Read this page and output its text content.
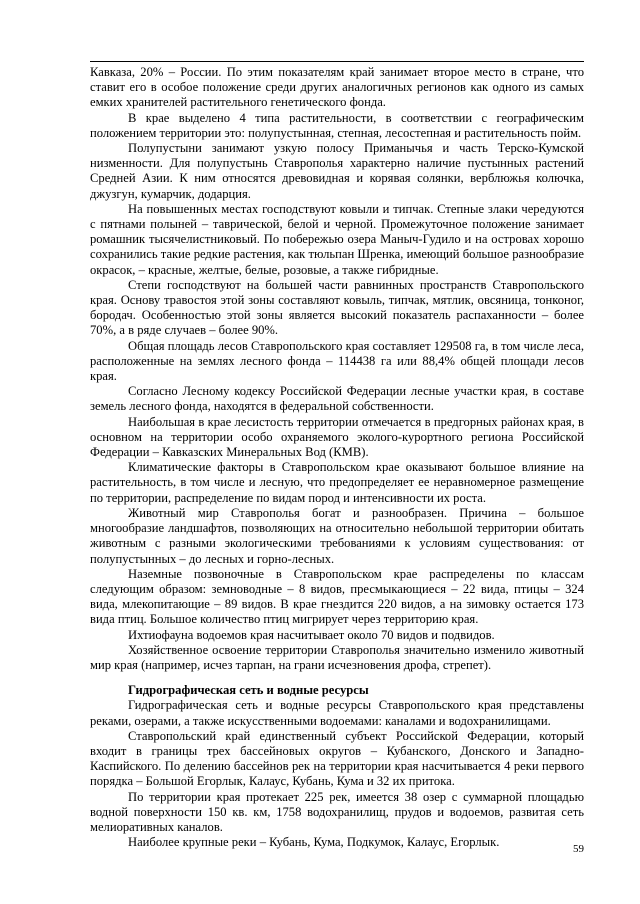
Кавказа, 20% – России. По этим показателям край занимает второе место в стране, что ставит его в особое положение среди других аналогичных регионов как одного из самых емких хранителей растительного генетического фонда.

В крае выделено 4 типа растительности, в соответствии с географическим положением территории это: полупустынная, степная, лесостепная и растительность пойм.

Полупустыни занимают узкую полосу Приманычья и часть Терско-Кумской низменности. Для полупустынь Ставрополья характерно наличие пустынных растений Средней Азии. К ним относятся древовидная и корявая солянки, верблюжья колючка, джузгун, кумарчик, додарция.

На повышенных местах господствуют ковыли и типчак. Степные злаки чередуются с пятнами полыней – таврической, белой и черной. Промежуточное положение занимает ромашник тысячелистниковый. По побережью озера Маныч-Гудило и на островах хорошо сохранились такие редкие растения, как тюльпан Шренка, имеющий большое разнообразие окрасок, – красные, желтые, белые, розовые, а также гибридные.

Степи господствуют на большей части равнинных пространств Ставропольского края. Основу травостоя этой зоны составляют ковыль, типчак, мятлик, овсяница, тонконог, бородач. Особенностью этой зоны является высокий показатель распаханности – более 70%, а в ряде случаев – более 90%.

Общая площадь лесов Ставропольского края составляет 129508 га, в том числе леса, расположенные на землях лесного фонда – 114438 га или 88,4% общей площади лесов края.

Согласно Лесному кодексу Российской Федерации лесные участки края, в составе земель лесного фонда, находятся в федеральной собственности.

Наибольшая в крае лесистость территории отмечается в предгорных районах края, в основном на территории особо охраняемого эколого-курортного региона Российской Федерации – Кавказских Минеральных Вод (КМВ).

Климатические факторы в Ставропольском крае оказывают большое влияние на растительность, в том числе и лесную, что предопределяет ее неравномерное размещение по территории, распределение по видам пород и интенсивности их роста.

Животный мир Ставрополья богат и разнообразен. Причина – большое многообразие ландшафтов, позволяющих на относительно небольшой территории обитать животным с разными экологическими требованиями к условиям существования: от полупустынных – до лесных и горно-лесных.

Наземные позвоночные в Ставропольском крае распределены по классам следующим образом: земноводные – 8 видов, пресмыкающиеся – 22 вида, птицы – 324 вида, млекопитающие – 89 видов. В крае гнездится 220 видов, а на зимовку остается 173 вида птиц. Большое количество птиц мигрирует через территорию края.

Ихтиофауна водоемов края насчитывает около 70 видов и подвидов.

Хозяйственное освоение территории Ставрополья значительно изменило животный мир края (например, исчез тарпан, на грани исчезновения дрофа, стрепет).

Гидрографическая сеть и водные ресурсы

Гидрографическая сеть и водные ресурсы Ставропольского края представлены реками, озерами, а также искусственными водоемами: каналами и водохранилищами.

Ставропольский край единственный субъект Российской Федерации, который входит в границы трех бассейновых округов – Кубанского, Донского и Западно-Каспийского. По делению бассейнов рек на территории края насчитывается 4 реки первого порядка – Большой Егорлык, Калаус, Кубань, Кума и 32 их притока.

По территории края протекает 225 рек, имеется 38 озер с суммарной площадью водной поверхности 150 кв. км, 1758 водохранилищ, прудов и водоемов, развитая сеть мелиоративных каналов.

Наиболее крупные реки – Кубань, Кума, Подкумок, Калаус, Егорлык.	59
